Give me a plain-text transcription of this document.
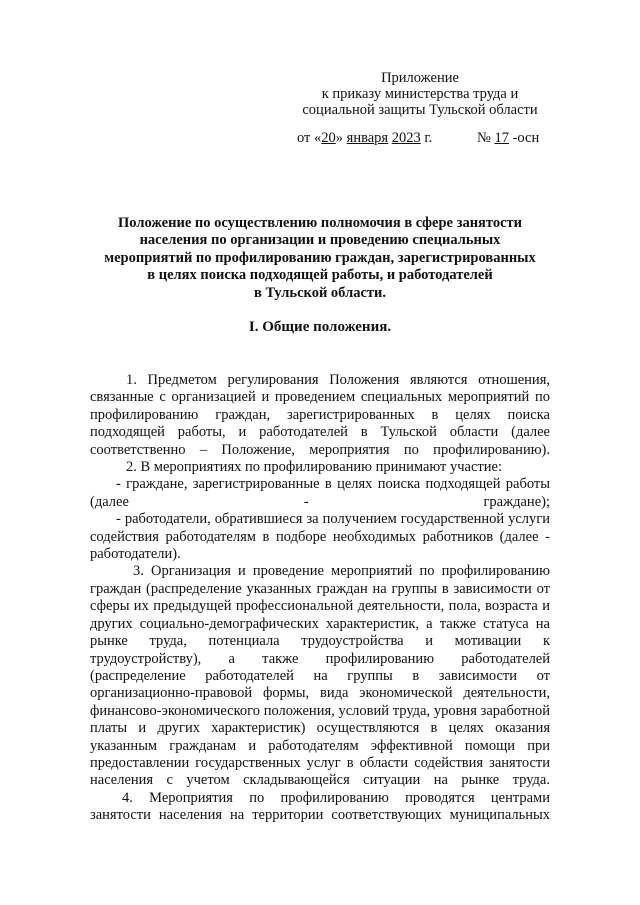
Приложение
к приказу министерства труда и
социальной защиты Тульской области
от «20» января 2023 г.	№ 17 -осн
Положение по осуществлению полномочия в сфере занятости
населения по организации и проведению специальных
мероприятий по профилированию граждан, зарегистрированных
в целях поиска подходящей работы, и работодателей
в Тульской области.
I. Общие положения.

1. Предметом регулирования Положения являются отношения, связанные с организацией и проведением специальных мероприятий по профилированию граждан, зарегистрированных в целях поиска подходящей работы, и работодателей в Тульской области (далее соответственно – Положение, мероприятия по профилированию).

2. В мероприятиях по профилированию принимают участие:

- граждане, зарегистрированные в целях поиска подходящей работы (далее - граждане);

- работодатели, обратившиеся за получением государственной услуги содействия работодателям в подборе необходимых работников (далее - работодатели).

3. Организация и проведение мероприятий по профилированию граждан (распределение указанных граждан на группы в зависимости от сферы их предыдущей профессиональной деятельности, пола, возраста и других социально-демографических характеристик, а также статуса на рынке труда, потенциала трудоустройства и мотивации к трудоустройству), а также профилированию работодателей (распределение работодателей на группы в зависимости от организационно-правовой формы, вида экономической деятельности, финансово-экономического положения, условий труда, уровня заработной платы и других характеристик) осуществляются в целях оказания указанным гражданам и работодателям эффективной помощи при предоставлении государственных услуг в области содействия занятости населения с учетом складывающейся ситуации на рынке труда.

4. Мероприятия по профилированию проводятся центрами занятости населения на территории соответствующих муниципальных
